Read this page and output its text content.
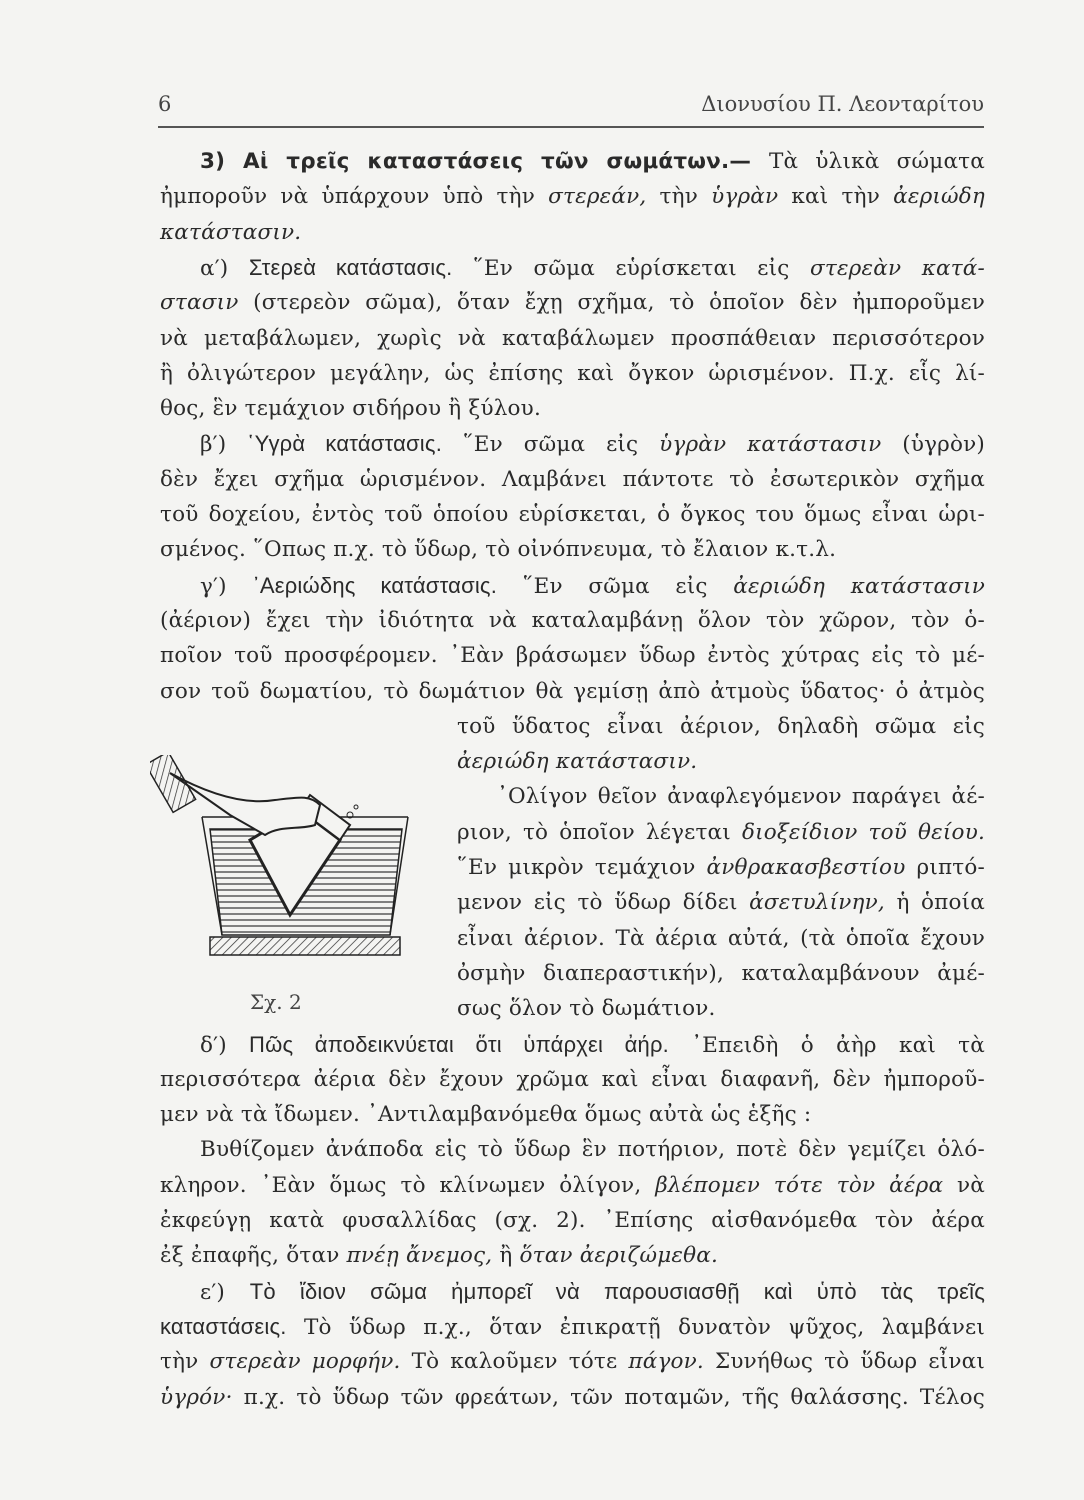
6	Διονυσίου Π. Λεονταρίτου
3) Αἱ τρεῖς καταστάσεις τῶν σωμάτων.— Τὰ ὑλικὰ σώματα
ἠμποροῦν νὰ ὑπάρχουν ὑπὸ τὴν στερεάν, τὴν ὑγρὰν καὶ τὴν ἀεριώδη
κατάστασιν.
α′) Στερεὰ κατάστασις. ῞Εν σῶμα εὑρίσκεται εἰς στερεὰν κατά-
στασιν (στερεὸν σῶμα), ὅταν ἔχῃ σχῆμα, τὸ ὁποῖον δὲν ἠμποροῦμεν
νὰ μεταβάλωμεν, χωρὶς νὰ καταβάλωμεν προσπάθειαν περισσότερον
ἢ ὀλιγώτερον μεγάλην, ὡς ἐπίσης καὶ ὄγκον ὡρισμένον. Π.χ. εἷς λί-
θος, ἓν τεμάχιον σιδήρου ἢ ξύλου.
β′) ῾Υγρὰ κατάστασις. ῞Εν σῶμα εἰς ὑγρὰν κατάστασιν (ὑγρὸν)
δὲν ἔχει σχῆμα ὡρισμένον. Λαμβάνει πάντοτε τὸ ἐσωτερικὸν σχῆμα
τοῦ δοχείου, ἐντὸς τοῦ ὁποίου εὑρίσκεται, ὁ ὄγκος του ὅμως εἶναι ὡρι-
σμένος. ῞Οπως π.χ. τὸ ὕδωρ, τὸ οἰνόπνευμα, τὸ ἔλαιον κ.τ.λ.
γ′) ᾿Αεριώδης κατάστασις. ῞Εν σῶμα εἰς ἀεριώδη κατάστασιν
(ἀέριον) ἔχει τὴν ἰδιότητα νὰ καταλαμβάνῃ ὅλον τὸν χῶρον, τὸν ὁ-
ποῖον τοῦ προσφέρομεν. ᾿Εὰν βράσωμεν ὕδωρ ἐντὸς χύτρας εἰς τὸ μέ-
σον τοῦ δωματίου, τὸ δωμάτιον θὰ γεμίσῃ ἀπὸ ἀτμοὺς ὕδατος· ὁ ἀτμὸς
τοῦ ὕδατος εἶναι ἀέριον, δηλαδὴ σῶμα εἰς
ἀεριώδη κατάστασιν.
᾿Ολίγον θεῖον ἀναφλεγόμενον παράγει ἀέ-
ριον, τὸ ὁποῖον λέγεται διοξείδιον τοῦ θείου.
῞Εν μικρὸν τεμάχιον ἀνθρακασβεστίου ριπτό-
μενον εἰς τὸ ὕδωρ δίδει ἀσετυλίνην, ἡ ὁποία
εἶναι ἀέριον. Τὰ ἀέρια αὐτά, (τὰ ὁποῖα ἔχουν
ὀσμὴν διαπεραστικήν), καταλαμβάνουν ἀμέ-
σως ὅλον τὸ δωμάτιον.
δ′) Πῶς ἀποδεικνύεται ὅτι ὑπάρχει ἀήρ. ᾿Επειδὴ ὁ ἀὴρ καὶ τὰ
περισσότερα ἀέρια δὲν ἔχουν χρῶμα καὶ εἶναι διαφανῆ, δὲν ἠμποροῦ-
μεν νὰ τὰ ἴδωμεν. ᾿Αντιλαμβανόμεθα ὅμως αὐτὰ ὡς ἑξῆς :
Βυθίζομεν ἀνάποδα εἰς τὸ ὕδωρ ἓν ποτήριον, ποτὲ δὲν γεμίζει ὁλό-
κληρον. ᾿Εὰν ὅμως τὸ κλίνωμεν ὀλίγον, βλέπομεν τότε τὸν ἀέρα νὰ
ἐκφεύγῃ κατὰ φυσαλλίδας (σχ. 2). ᾿Επίσης αἰσθανόμεθα τὸν ἀέρα
ἐξ ἐπαφῆς, ὅταν πνέῃ ἄνεμος, ἢ ὅταν ἀεριζώμεθα.
ε′) Τὸ ἴδιον σῶμα ἠμπορεῖ νὰ παρουσιασθῇ καὶ ὑπὸ τὰς τρεῖς
καταστάσεις. Τὸ ὕδωρ π.χ., ὅταν ἐπικρατῇ δυνατὸν ψῦχος, λαμβάνει
τὴν στερεὰν μορφήν. Τὸ καλοῦμεν τότε πάγον. Συνήθως τὸ ὕδωρ εἶναι
ὑγρόν· π.χ. τὸ ὕδωρ τῶν φρεάτων, τῶν ποταμῶν, τῆς θαλάσσης. Τέλος
Σχ. 2
